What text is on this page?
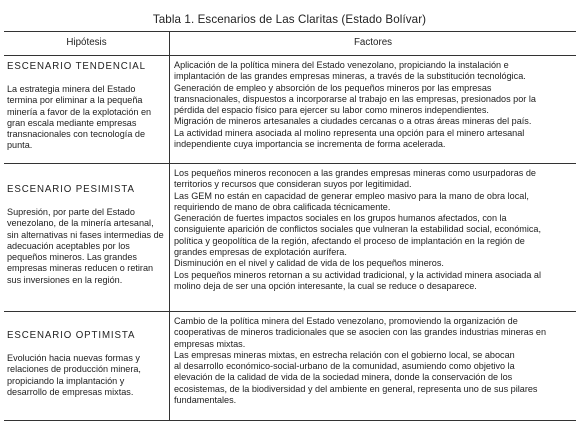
Tabla 1. Escenarios de Las Claritas (Estado Bolívar)
Hipótesis	Factores
ESCENARIO TENDENCIAL
La estrategia minera del Estado termina por eliminar a la pequeña minería a favor de la explotación en gran escala mediante empresas transnacionales con tecnología de punta.
Aplicación de la política minera del Estado venezolano, propiciando la instalación e
implantación de las grandes empresas mineras, a través de la substitución tecnológica.
Generación de empleo y absorción de los pequeños mineros por las empresas
transnacionales, dispuestos a incorporarse al trabajo en las empresas, presionados por la
pérdida del espacio físico para ejercer su labor como mineros independientes.
Migración de mineros artesanales a ciudades cercanas o a otras áreas mineras del país.
La actividad minera asociada al molino representa una opción para el minero artesanal
independiente cuya importancia se incrementa de forma acelerada.
ESCENARIO PESIMISTA
Supresión, por parte del Estado venezolano, de la minería artesanal, sin alternativas ni fases intermedias de adecuación aceptables por los pequeños mineros. Las grandes empresas mineras reducen o retiran sus inversiones en la región.
Los pequeños mineros reconocen a las grandes empresas mineras como usurpadoras de
territorios y recursos que consideran suyos por legitimidad.
Las GEM no están en capacidad de generar empleo masivo para la mano de obra local,
requiriendo de mano de obra calificada técnicamente.
Generación de fuertes impactos sociales en los grupos humanos afectados, con la
consiguiente aparición de conflictos sociales que vulneran la estabilidad social, económica,
política y geopolítica de la región, afectando el proceso de implantación en la región de
grandes empresas de explotación aurífera.
Disminución en el nivel y calidad de vida de los pequeños mineros.
Los pequeños mineros retornan a su actividad tradicional, y la actividad minera asociada al
molino deja de ser una opción interesante, la cual se reduce o desaparece.
ESCENARIO OPTIMISTA
Evolución hacia nuevas formas y relaciones de producción minera, propiciando la implantación y desarrollo de empresas mixtas.
Cambio de la política minera del Estado venezolano, promoviendo la organización de
cooperativas de mineros tradicionales que se asocien con las grandes industrias mineras en
empresas mixtas.
Las empresas mineras mixtas, en estrecha relación con el gobierno local, se abocan
al desarrollo económico-social-urbano de la comunidad, asumiendo como objetivo la
elevación de la calidad de vida de la sociedad minera, donde la conservación de los
ecosistemas, de la biodiversidad y del ambiente en general, representa uno de sus pilares
fundamentales.
